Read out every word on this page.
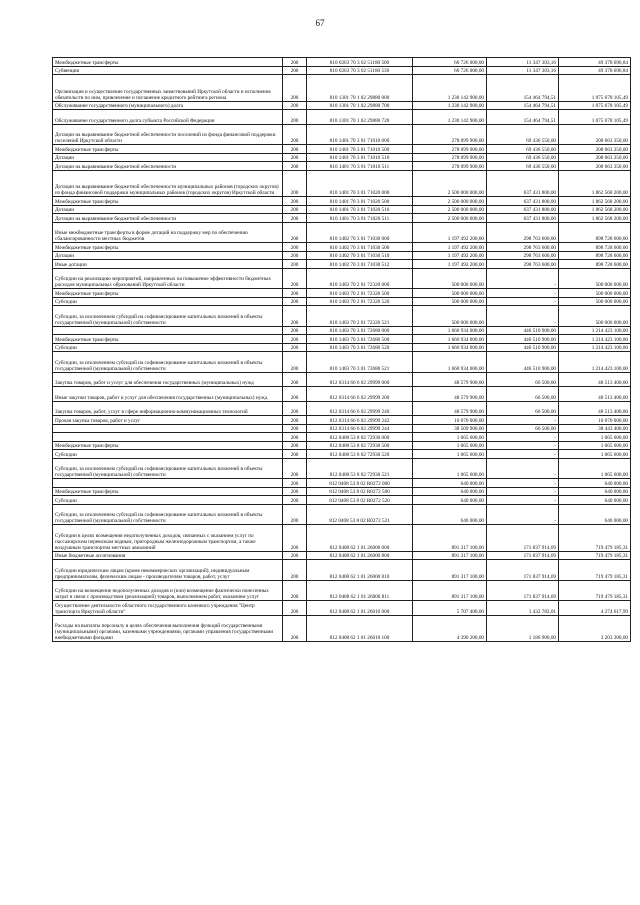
67
Межбюджетные трансферты	200	810 0203 70 3 02 51180 500	60 726 000,00	11 347 303,16	49 378 696,84
Субвенции	200	810 0203 70 3 02 51180 530	60 726 000,00	11 347 303,16	49 378 696,84
Организация и осуществление государственных заимствований Иркутской области и исполнение обязательств по ним, привлечение и погашение кредитного рейтинга региона	200	810 1301 70 1 02 29880 000	1 230 142 900,00	154 464 794,51	1 075 678 105,49
Обслуживание государственного (муниципального) долга	200	810 1301 70 1 02 29880 700	1 230 142 900,00	154 464 794,51	1 075 678 105,49
Обслуживание государственного долга субъекта Российской Федерации	200	810 1301 70 1 02 29880 720	1 230 142 900,00	154 464 794,51	1 075 678 105,49
Дотации на выравнивание бюджетной обеспеченности поселений из фонда финансовой поддержки поселений Иркутской области	200	810 1401 70 3 01 71010 000	278 099 900,00	69 436 550,00	208 663 350,00
Межбюджетные трансферты	200	810 1401 70 3 01 71010 500	278 099 900,00	69 436 550,00	208 663 350,00
Дотации	200	810 1401 70 3 01 71010 510	278 099 900,00	69 436 550,00	208 663 350,00
Дотации на выравнивание бюджетной обеспеченности	200	810 1401 70 3 01 71010 511	278 099 900,00	69 436 550,00	208 663 350,00
Дотации на выравнивание бюджетной обеспеченности муниципальных районов (городских округов) из фонда финансовой поддержки муниципальных районов (городских округов) Иркутской области	200	810 1401 70 3 01 71020 000	2 500 000 000,00	637 431 800,00	1 862 568 200,00
Межбюджетные трансферты	200	810 1401 70 3 01 71020 500	2 500 000 000,00	637 431 800,00	1 862 568 200,00
Дотации	200	810 1401 70 3 01 71020 510	2 500 000 000,00	637 431 800,00	1 862 568 200,00
Дотации на выравнивание бюджетной обеспеченности	200	810 1401 70 3 01 71020 511	2 500 000 000,00	637 431 800,00	1 862 568 200,00
Иные межбюджетные трансферты в форме дотаций на поддержку мер по обеспечению сбалансированности местных бюджетов	200	810 1402 70 3 01 71030 000	1 197 492 200,00	298 763 600,00	898 728 600,00
Межбюджетные трансферты	200	810 1402 70 3 01 71030 500	1 197 492 200,00	298 763 600,00	898 728 600,00
Дотации	200	810 1402 70 3 01 71030 510	1 197 492 200,00	298 763 600,00	898 728 600,00
Иные дотации	200	810 1402 70 3 01 71030 512	1 197 492 200,00	298 763 600,00	898 728 600,00
Субсидии на реализацию мероприятий, направленных на повышение эффективности бюджетных расходов муниципальных образований Иркутской области	200	810 1403 70 2 01 72320 000	500 000 000,00	-	500 000 000,00
Межбюджетные трансферты	200	810 1403 70 2 01 72320 500	500 000 000,00	-	500 000 000,00
Субсидии	200	810 1403 70 2 01 72320 520	500 000 000,00	-	500 000 000,00
Субсидии, за исключением субсидий на софинансирование капитальных вложений в объекты государственной (муниципальной) собственности	200	810 1403 70 2 01 72320 521	500 000 000,00	-	500 000 000,00
	200	810 1403 70 3 01 72680 000	1 660 934 000,00	446 510 900,00	1 214 423 100,00
Межбюджетные трансферты	200	810 1403 70 3 01 72680 500	1 660 934 000,00	446 510 900,00	1 214 423 100,00
Субсидии	200	810 1403 70 3 01 72680 520	1 660 934 000,00	446 510 900,00	1 214 423 100,00
Субсидии, за исключением субсидий на софинансирование капитальных вложений в объекты государственной (муниципальной) собственности	200	810 1403 70 3 01 72680 521	1 660 934 000,00	446 510 900,00	1 214 423 100,00
Закупка товаров, работ и услуг для обеспечения государственных (муниципальных) нужд	200	812 0314 66 6 02 29999 000	48 579 900,00	66 500,00	48 513 400,00
Иные закупки товаров, работ и услуг для обеспечения государственных (муниципальных) нужд	200	812 0314 66 6 02 29999 200	48 579 900,00	66 500,00	48 513 400,00
Закупка товаров, работ, услуг в сфере информационно-коммуникационных технологий	200	812 0314 66 6 02 29999 240	48 579 900,00	66 500,00	48 513 400,00
Прочая закупка товаров, работ и услуг	200	812 0314 66 6 02 29999 242	10 070 000,00	-	10 070 000,00
	200	812 0314 66 6 02 29999 244	38 509 900,00	66 500,00	38 443 400,00
	200	812 0408 53 8 02 72930 000	1 065 600,00	-	1 065 600,00
Межбюджетные трансферты	200	812 0408 53 8 02 72930 500	1 065 600,00	-	1 065 600,00
Субсидии	200	812 0408 53 8 02 72930 520	1 065 600,00	-	1 065 600,00
Субсидии, за исключением субсидий на софинансирование капитальных вложений в объекты государственной (муниципальной) собственности	200	812 0408 53 8 02 72930 521	1 065 600,00	-	1 065 600,00
	200	812 0408 53 8 02 R0272 000	640 000,00	-	640 000,00
Межбюджетные трансферты	200	812 0408 53 8 02 R0272 500	640 000,00	-	640 000,00
Субсидии	200	812 0408 53 8 02 R0272 520	640 000,00	-	640 000,00
Субсидии, за исключением субсидий на софинансирование капитальных вложений в объекты государственной (муниципальной) собственности	200	812 0408 53 8 02 R0272 521	640 000,00	-	640 000,00
Субсидии в целях возмещения недополученных доходов, связанных с оказанием услуг по пассажирским перевозкам водным, пригородным железнодорожным транспортом, а также воздушным транспортом местных авиалиний	200	812 0408 62 1 01 26000 000	891 317 100,00	171 837 914,69	719 479 185,31
Иные бюджетные ассигнования	200	812 0408 62 1 01 26000 800	891 317 100,00	171 837 914,69	719 479 185,31
Субсидии юридическим лицам (кроме некоммерческих организаций), индивидуальным предпринимателям, физическим лицам - производителям товаров, работ, услуг	200	812 0408 62 1 01 26000 810	891 317 100,00	171 837 914,69	719 479 185,31
Субсидии на возмещение недополученных доходов и (или) возмещение фактически понесенных затрат в связи с производством (реализацией) товаров, выполнением работ, оказанием услуг	200	812 0408 62 1 01 26000 811	891 317 100,00	171 837 914,69	719 479 185,31
Осуществление деятельности областного государственного казенного учреждения "Центр транспорта Иркутской области"	200	812 0408 62 1 01 26010 000	5 707 400,00	1 432 782,01	4 274 617,99
Расходы на выплаты персоналу в целях обеспечения выполнения функций государственными (муниципальными) органами, казенными учреждениями, органами управления государственными внебюджетными фондами	200	812 0408 62 1 01 26010 100	4 390 200,00	1 186 900,00	3 203 300,00
